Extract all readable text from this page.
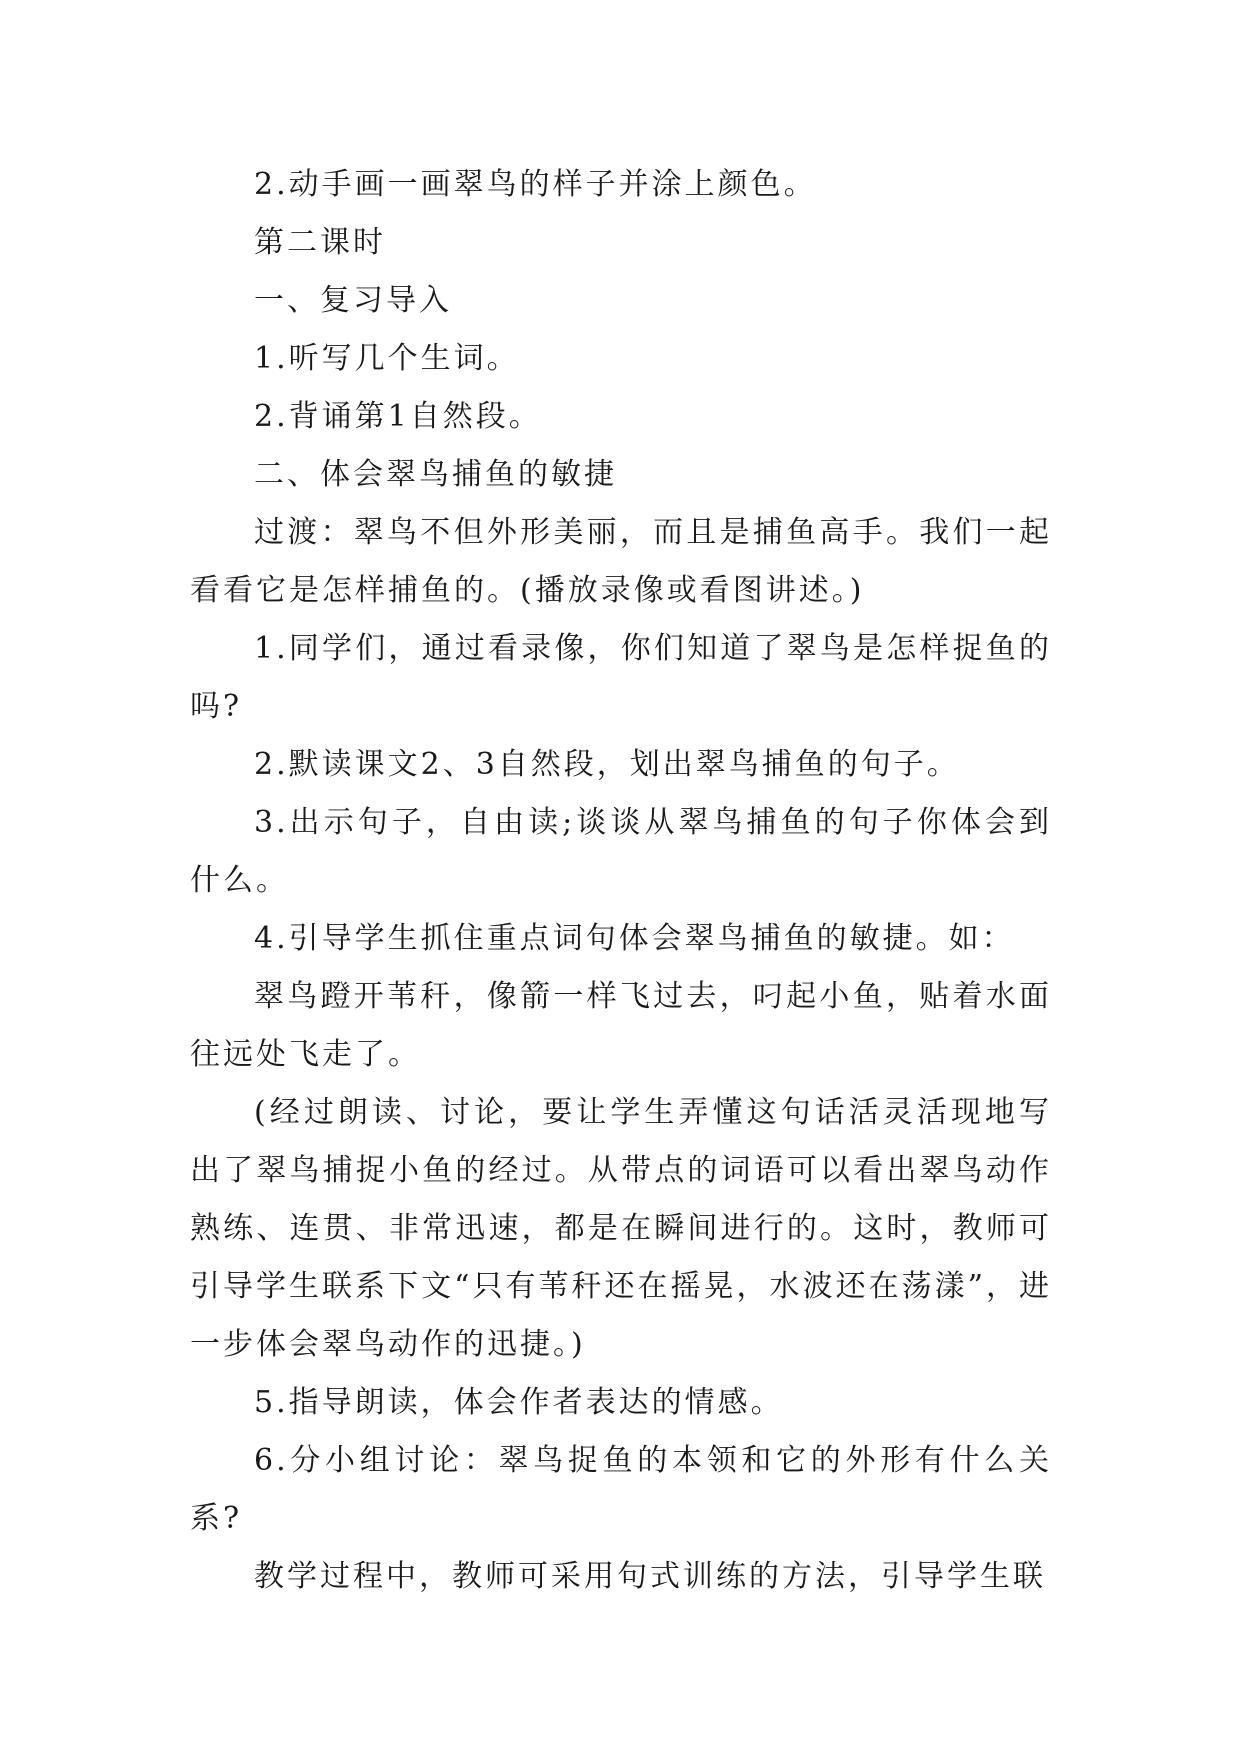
2.动手画一画翠鸟的样子并涂上颜色。

第二课时

一、复习导入

1.听写几个生词。

2.背诵第1自然段。

二、体会翠鸟捕鱼的敏捷

过渡：翠鸟不但外形美丽，而且是捕鱼高手。我们一起看看它是怎样捕鱼的。(播放录像或看图讲述。)

1.同学们，通过看录像，你们知道了翠鸟是怎样捉鱼的吗?

2.默读课文2、3自然段，划出翠鸟捕鱼的句子。

3.出示句子，自由读;谈谈从翠鸟捕鱼的句子你体会到什么。

4.引导学生抓住重点词句体会翠鸟捕鱼的敏捷。如：

翠鸟蹬开苇秆，像箭一样飞过去，叼起小鱼，贴着水面往远处飞走了。

(经过朗读、讨论，要让学生弄懂这句话活灵活现地写出了翠鸟捕捉小鱼的经过。从带点的词语可以看出翠鸟动作熟练、连贯、非常迅速，都是在瞬间进行的。这时，教师可引导学生联系下文“只有苇秆还在摇晃，水波还在荡漾”，进一步体会翠鸟动作的迅捷。)

5.指导朗读，体会作者表达的情感。

6.分小组讨论：翠鸟捉鱼的本领和它的外形有什么关系?

教学过程中，教师可采用句式训练的方法，引导学生联
